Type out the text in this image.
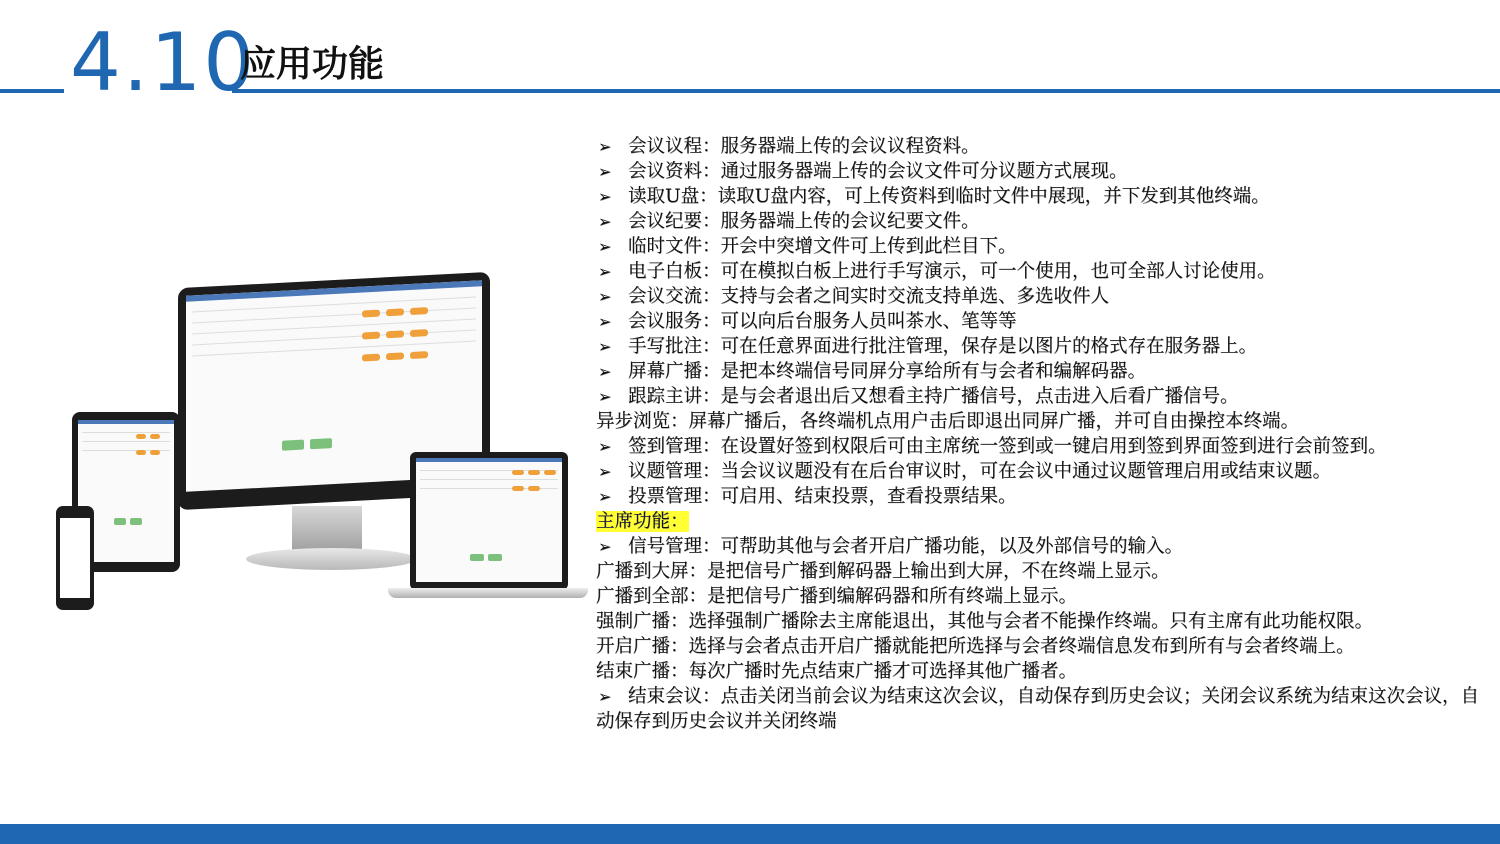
4.10
应用功能
➢ 会议议程：服务器端上传的会议议程资料。
➢ 会议资料：通过服务器端上传的会议文件可分议题方式展现。
➢ 读取U盘：读取U盘内容，可上传资料到临时文件中展现，并下发到其他终端。
➢ 会议纪要：服务器端上传的会议纪要文件。
➢ 临时文件：开会中突增文件可上传到此栏目下。
➢ 电子白板：可在模拟白板上进行手写演示，可一个使用，也可全部人讨论使用。
➢ 会议交流：支持与会者之间实时交流支持单选、多选收件人
➢ 会议服务：可以向后台服务人员叫茶水、笔等等
➢ 手写批注：可在任意界面进行批注管理，保存是以图片的格式存在服务器上。
➢ 屏幕广播：是把本终端信号同屏分享给所有与会者和编解码器。
➢ 跟踪主讲：是与会者退出后又想看主持广播信号，点击进入后看广播信号。
异步浏览：屏幕广播后，各终端机点用户击后即退出同屏广播，并可自由操控本终端。
➢ 签到管理：在设置好签到权限后可由主席统一签到或一键启用到签到界面签到进行会前签到。
➢ 议题管理：当会议议题没有在后台审议时，可在会议中通过议题管理启用或结束议题。
➢ 投票管理：可启用、结束投票，查看投票结果。
主席功能：
➢ 信号管理：可帮助其他与会者开启广播功能，以及外部信号的输入。
广播到大屏：是把信号广播到解码器上输出到大屏，不在终端上显示。
广播到全部：是把信号广播到编解码器和所有终端上显示。
强制广播：选择强制广播除去主席能退出，其他与会者不能操作终端。只有主席有此功能权限。
开启广播：选择与会者点击开启广播就能把所选择与会者终端信息发布到所有与会者终端上。
结束广播：每次广播时先点结束广播才可选择其他广播者。
➢ 结束会议：点击关闭当前会议为结束这次会议，自动保存到历史会议；关闭会议系统为结束这次会议，自动保存到历史会议并关闭终端
